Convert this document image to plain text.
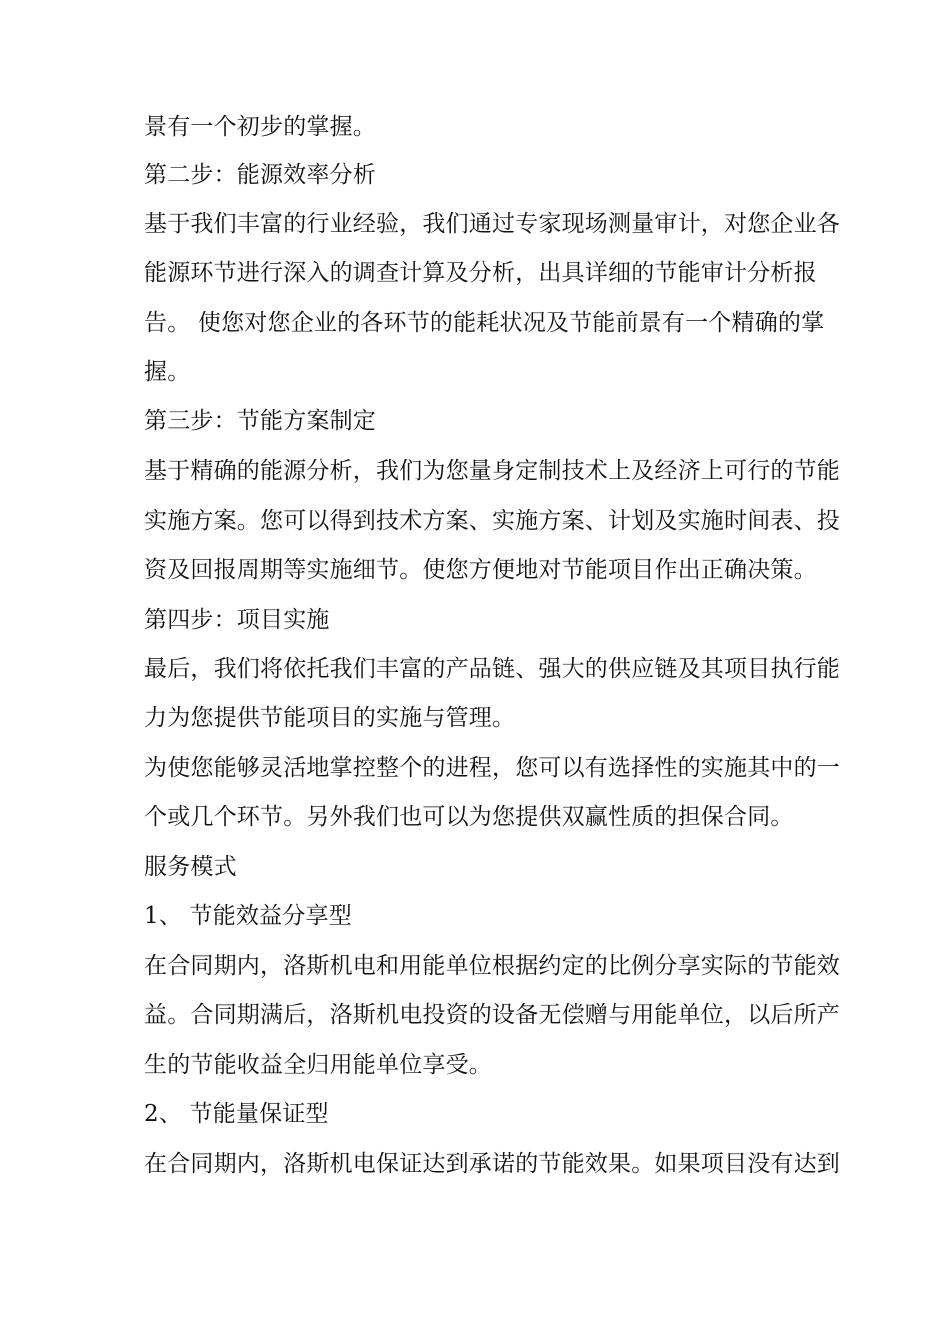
景有一个初步的掌握。
第二步：能源效率分析
基于我们丰富的行业经验，我们通过专家现场测量审计，对您企业各
能源环节进行深入的调查计算及分析，出具详细的节能审计分析报
告。 使您对您企业的各环节的能耗状况及节能前景有一个精确的掌
握。
第三步：节能方案制定
基于精确的能源分析，我们为您量身定制技术上及经济上可行的节能
实施方案。您可以得到技术方案、实施方案、计划及实施时间表、投
资及回报周期等实施细节。使您方便地对节能项目作出正确决策。
第四步：项目实施
最后，我们将依托我们丰富的产品链、强大的供应链及其项目执行能
力为您提供节能项目的实施与管理。
为使您能够灵活地掌控整个的进程，您可以有选择性的实施其中的一
个或几个环节。另外我们也可以为您提供双赢性质的担保合同。
服务模式
1、 节能效益分享型
在合同期内，洛斯机电和用能单位根据约定的比例分享实际的节能效
益。合同期满后，洛斯机电投资的设备无偿赠与用能单位，以后所产
生的节能收益全归用能单位享受。
2、 节能量保证型
在合同期内，洛斯机电保证达到承诺的节能效果。如果项目没有达到
